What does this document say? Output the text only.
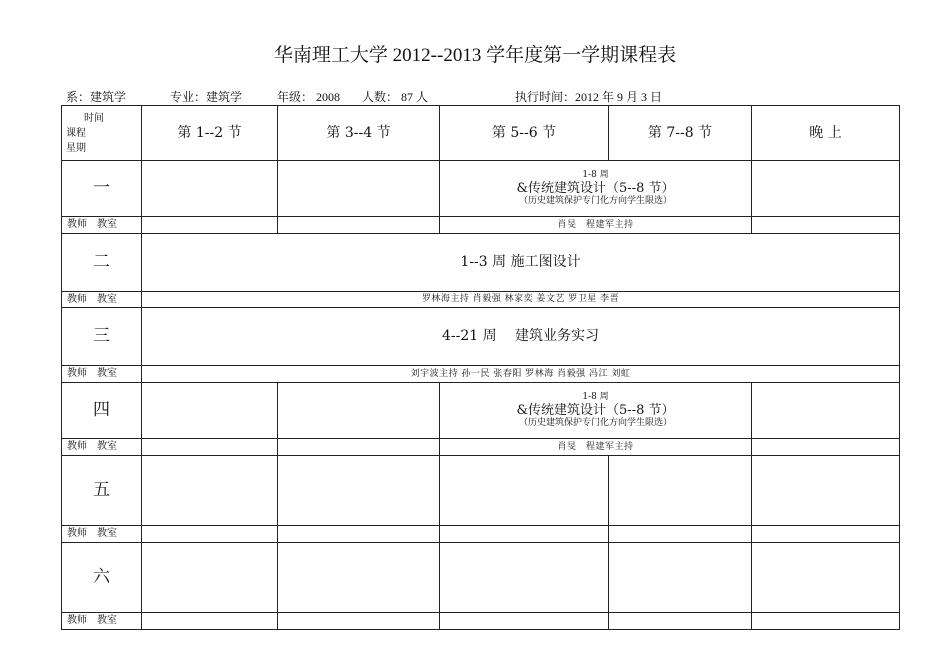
华南理工大学 2012--2013 学年度第一学期课程表
系：建筑学	专业：建筑学	年级： 2008 人数： 87 人	执行时间：2012 年 9 月 3 日
时间
课程
星期	第 1--2 节	第 3--4 节	第 5--6 节	第 7--8 节	晚 上
一			1-8 周
&传统建筑设计（5--8 节）
（历史建筑保护专门化方向学生限选）		

教师　教室			肖旻　程建军主持		
二	1--3 周 施工图设计				
教师　教室	罗林海主持 肖毅强 林家奕 姜文艺 罗卫星 李晋				
三	4--21 周　 建筑业务实习				
教师　教室	刘宇波主持 孙一民 张春阳 罗林海 肖毅强 冯江 刘虹				
四			1-8 周
&传统建筑设计（5--8 节）
（历史建筑保护专门化方向学生限选）		

教师　教室			肖旻　程建军主持		
五					
教师　教室					
六					
教师　教室					
